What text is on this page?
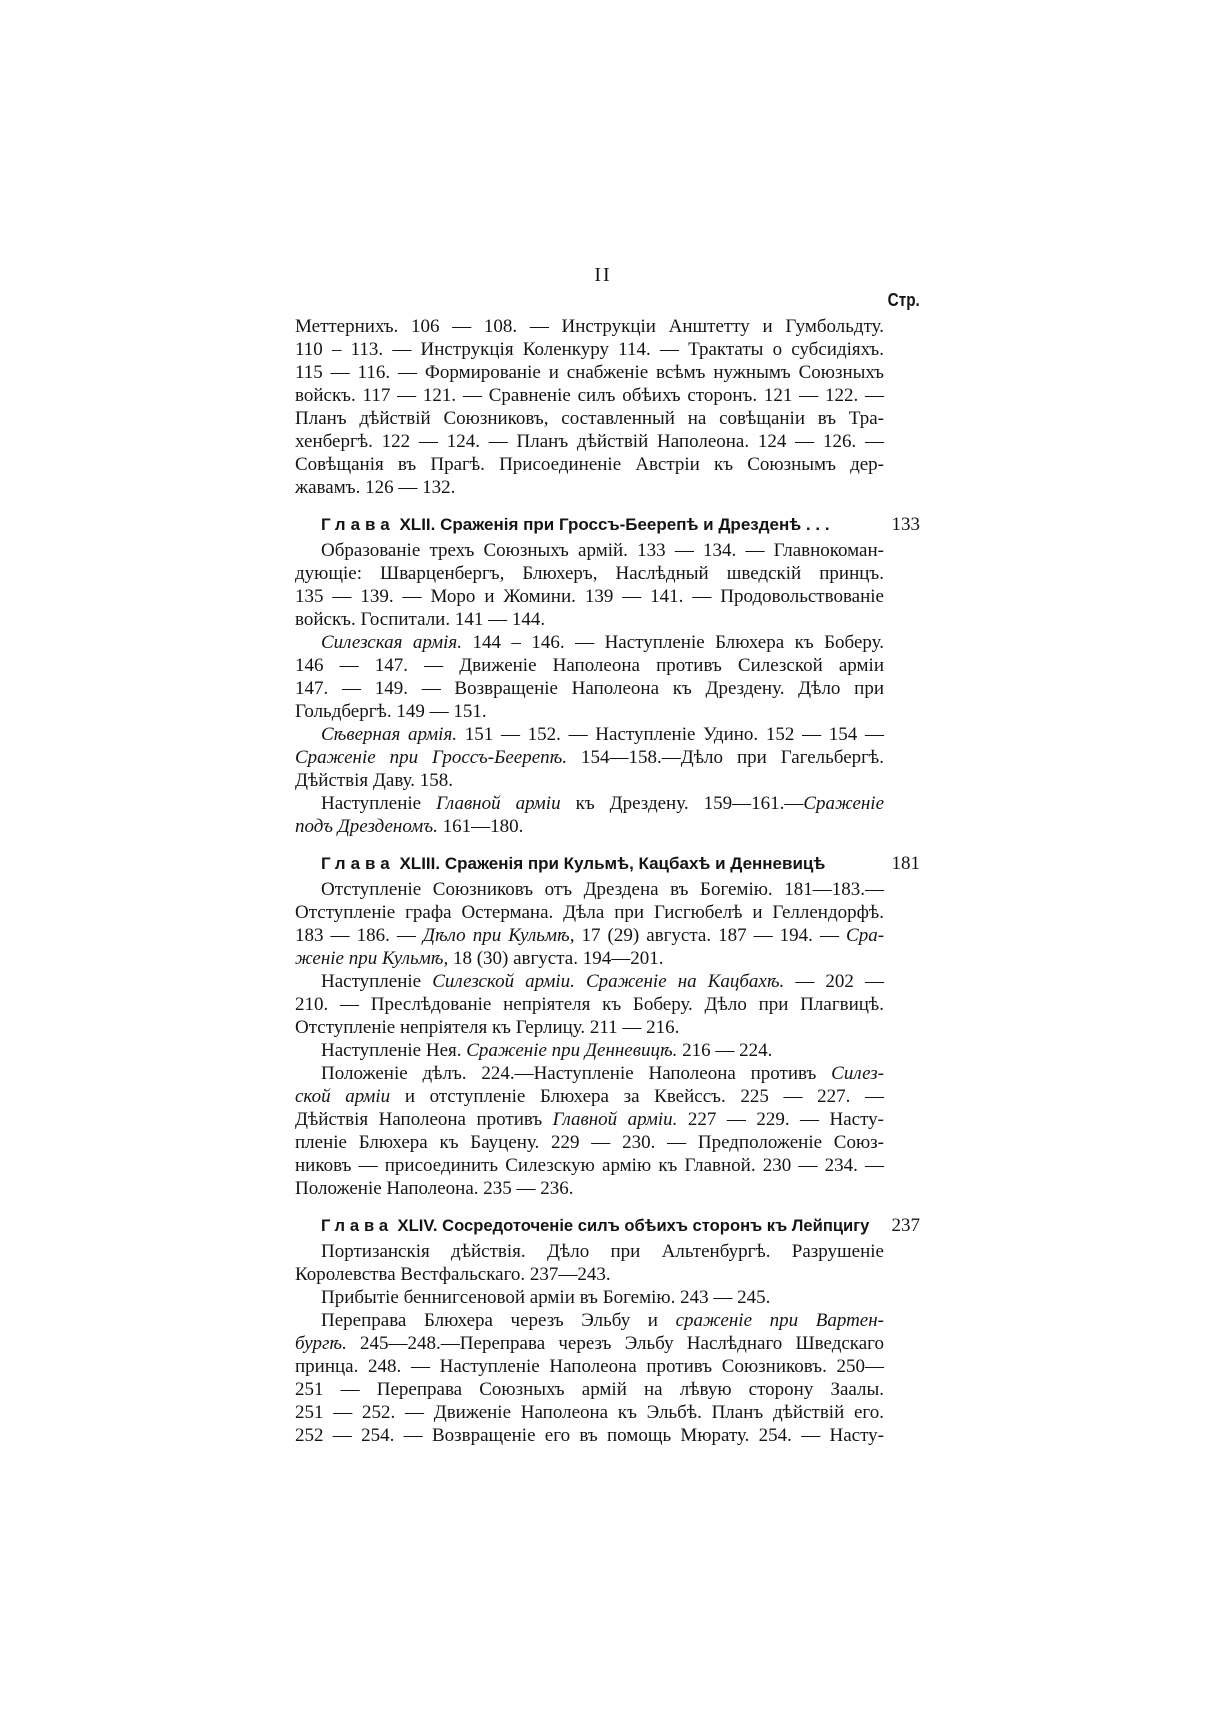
II
Стр.
Меттернихъ. 106 — 108. — Инструкціи Анштетту и Гумбольдту.
110 – 113. — Инструкція Коленкуру 114. — Трактаты о субсидіяхъ.
115 — 116. — Формированіе и снабженіе всѣмъ нужнымъ Союзныхъ
войскъ. 117 — 121. — Сравненіе силъ обѣихъ сторонъ. 121 — 122. —
Планъ дѣйствій Союзниковъ, составленный на совѣщаніи въ Тра-
хенбергѣ. 122 — 124. — Планъ дѣйствій Наполеона. 124 — 126. —
Совѣщанія въ Прагѣ. Присоединеніе Австріи къ Союзнымъ дер-
жавамъ. 126 — 132.
Глава XLII. Сраженія при Гроссъ-Беерепѣ и Дрезденѣ . . .	133
Образованіе трехъ Союзныхъ армій. 133 — 134. — Главнокоман-
дующіе: Шварценбергъ, Блюхеръ, Наслѣдный шведскій принцъ.
135 — 139. — Моро и Жомини. 139 — 141. — Продовольствованіе
войскъ. Госпитали. 141 — 144.
Силезская армія. 144 – 146. — Наступленіе Блюхера къ Боберу.
146 — 147. — Движеніе Наполеона противъ Силезской арміи
147. — 149. — Возвращеніе Наполеона къ Дрездену. Дѣло при
Гольдбергѣ. 149 — 151.
Сѣверная армія. 151 — 152. — Наступленіе Удино. 152 — 154 —
Сраженіе при Гроссъ-Беерепѣ. 154—158.—Дѣло при Гагельбергѣ.
Дѣйствія Даву. 158.
Наступленіе Главной арміи къ Дрездену. 159—161.—Сраженіе
подъ Дрезденомъ. 161—180.
Глава XLIII. Сраженія при Кульмѣ, Кацбахѣ и Денневицѣ	181
Отступленіе Союзниковъ отъ Дрездена въ Богемію. 181—183.—
Отступленіе графа Остермана. Дѣла при Гисгюбелѣ и Геллендорфѣ.
183 — 186. — Дѣло при Кульмѣ, 17 (29) августа. 187 — 194. — Сра-
женіе при Кульмѣ, 18 (30) августа. 194—201.
Наступленіе Силезской арміи. Сраженіе на Кацбахѣ. — 202 —
210. — Преслѣдованіе непріятеля къ Боберу. Дѣло при Плагвицѣ.
Отступленіе непріятеля къ Герлицу. 211 — 216.
Наступленіе Нея. Сраженіе при Денневицѣ. 216 — 224.
Положеніе дѣлъ. 224.—Наступленіе Наполеона противъ Силез-
ской арміи и отступленіе Блюхера за Квейссъ. 225 — 227. —
Дѣйствія Наполеона противъ Главной арміи. 227 — 229. — Насту-
пленіе Блюхера къ Бауцену. 229 — 230. — Предположеніе Союз-
никовъ — присоединить Силезскую армію къ Главной. 230 — 234. —
Положеніе Наполеона. 235 — 236.
Глава XLIV. Сосредоточеніе силъ обѣихъ сторонъ къ Лейпцигу 237
Портизанскія дѣйствія. Дѣло при Альтенбургѣ. Разрушеніе
Королевства Вестфальскаго. 237—243.
Прибытіе беннигсеновой арміи въ Богемію. 243 — 245.
Переправа Блюхера черезъ Эльбу и сраженіе при Вартен-
бургѣ. 245—248.—Переправа черезъ Эльбу Наслѣднаго Шведскаго
принца. 248. — Наступленіе Наполеона противъ Союзниковъ. 250—
251 — Переправа Союзныхъ армій на лѣвую сторону Заалы.
251 — 252. — Движеніе Наполеона къ Эльбѣ. Планъ дѣйствій его.
252 — 254. — Возвращеніе его въ помощь Мюрату. 254. — Насту-
